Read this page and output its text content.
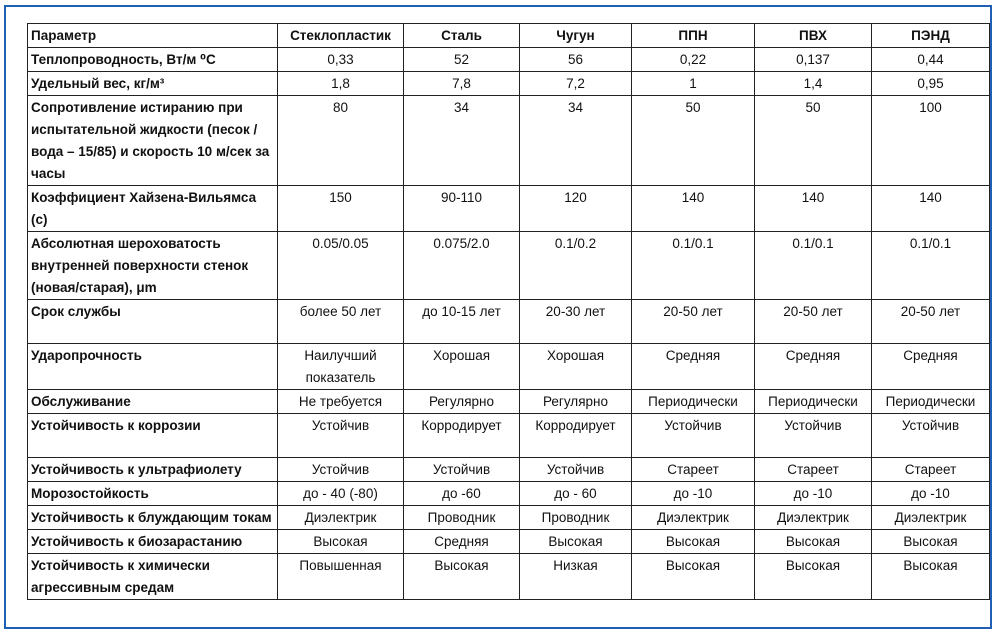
Параметр	Стеклопластик	Сталь	Чугун	ППН	ПВХ	ПЭНД
Теплопроводность, Вт/м ⁰С	0,33	52	56	0,22	0,137	0,44
Удельный вес, кг/м³	1,8	7,8	7,2	1	1,4	0,95
Сопротивление истиранию при испытательной жидкости (песок / вода – 15/85) и скорость 10 м/сек за часы	80	34	34	50	50	100
Коэффициент Хайзена-Вильямса (с)	150	90-110	120	140	140	140
Абсолютная шероховатость внутренней поверхности стенок (новая/старая), μm	0.05/0.05	0.075/2.0	0.1/0.2	0.1/0.1	0.1/0.1	0.1/0.1
Срок службы	более 50 лет	до 10-15 лет	20-30 лет	20-50 лет	20-50 лет	20-50 лет
Ударопрочность	Наилучший показатель	Хорошая	Хорошая	Средняя	Средняя	Средняя
Обслуживание	Не требуется	Регулярно	Регулярно	Периодически	Периодически	Периодически
Устойчивость к коррозии	Устойчив	Корродирует	Корродирует	Устойчив	Устойчив	Устойчив
Устойчивость к ультрафиолету	Устойчив	Устойчив	Устойчив	Стареет	Стареет	Стареет
Морозостойкость	до - 40 (-80)	до -60	до - 60	до -10	до -10	до -10
Устойчивость к блуждающим токам	Диэлектрик	Проводник	Проводник	Диэлектрик	Диэлектрик	Диэлектрик
Устойчивость к биозарастанию	Высокая	Средняя	Высокая	Высокая	Высокая	Высокая
Устойчивость к химически агрессивным средам	Повышенная	Высокая	Низкая	Высокая	Высокая	Высокая
